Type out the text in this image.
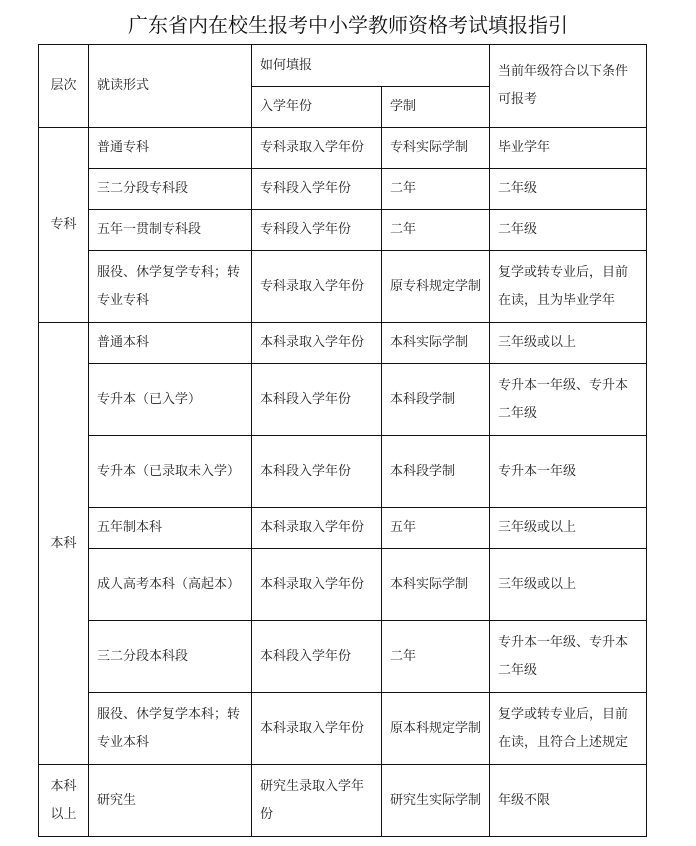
广东省内在校生报考中小学教师资格考试填报指引
层次	就读形式	如何填报		当前年级符合以下条件可报考
		入学年份	学制	
专科	普通专科	专科录取入学年份	专科实际学制	毕业学年
	三二分段专科段	专科段入学年份	二年	二年级
	五年一贯制专科段	专科段入学年份	二年	二年级
	服役、休学复学专科；转专业专科	专科录取入学年份	原专科规定学制	复学或转专业后，目前在读，且为毕业学年
本科	普通本科	本科录取入学年份	本科实际学制	三年级或以上
	专升本（已入学）	本科段入学年份	本科段学制	专升本一年级、专升本二年级
	专升本（已录取未入学）	本科段入学年份	本科段学制	专升本一年级
	五年制本科	本科录取入学年份	五年	三年级或以上
	成人高考本科（高起本）	本科录取入学年份	本科实际学制	三年级或以上
	三二分段本科段	本科段入学年份	二年	专升本一年级、专升本二年级
	服役、休学复学本科；转专业本科	本科录取入学年份	原本科规定学制	复学或转专业后，目前在读，且符合上述规定
本科以上	研究生	研究生录取入学年份	研究生实际学制	年级不限
